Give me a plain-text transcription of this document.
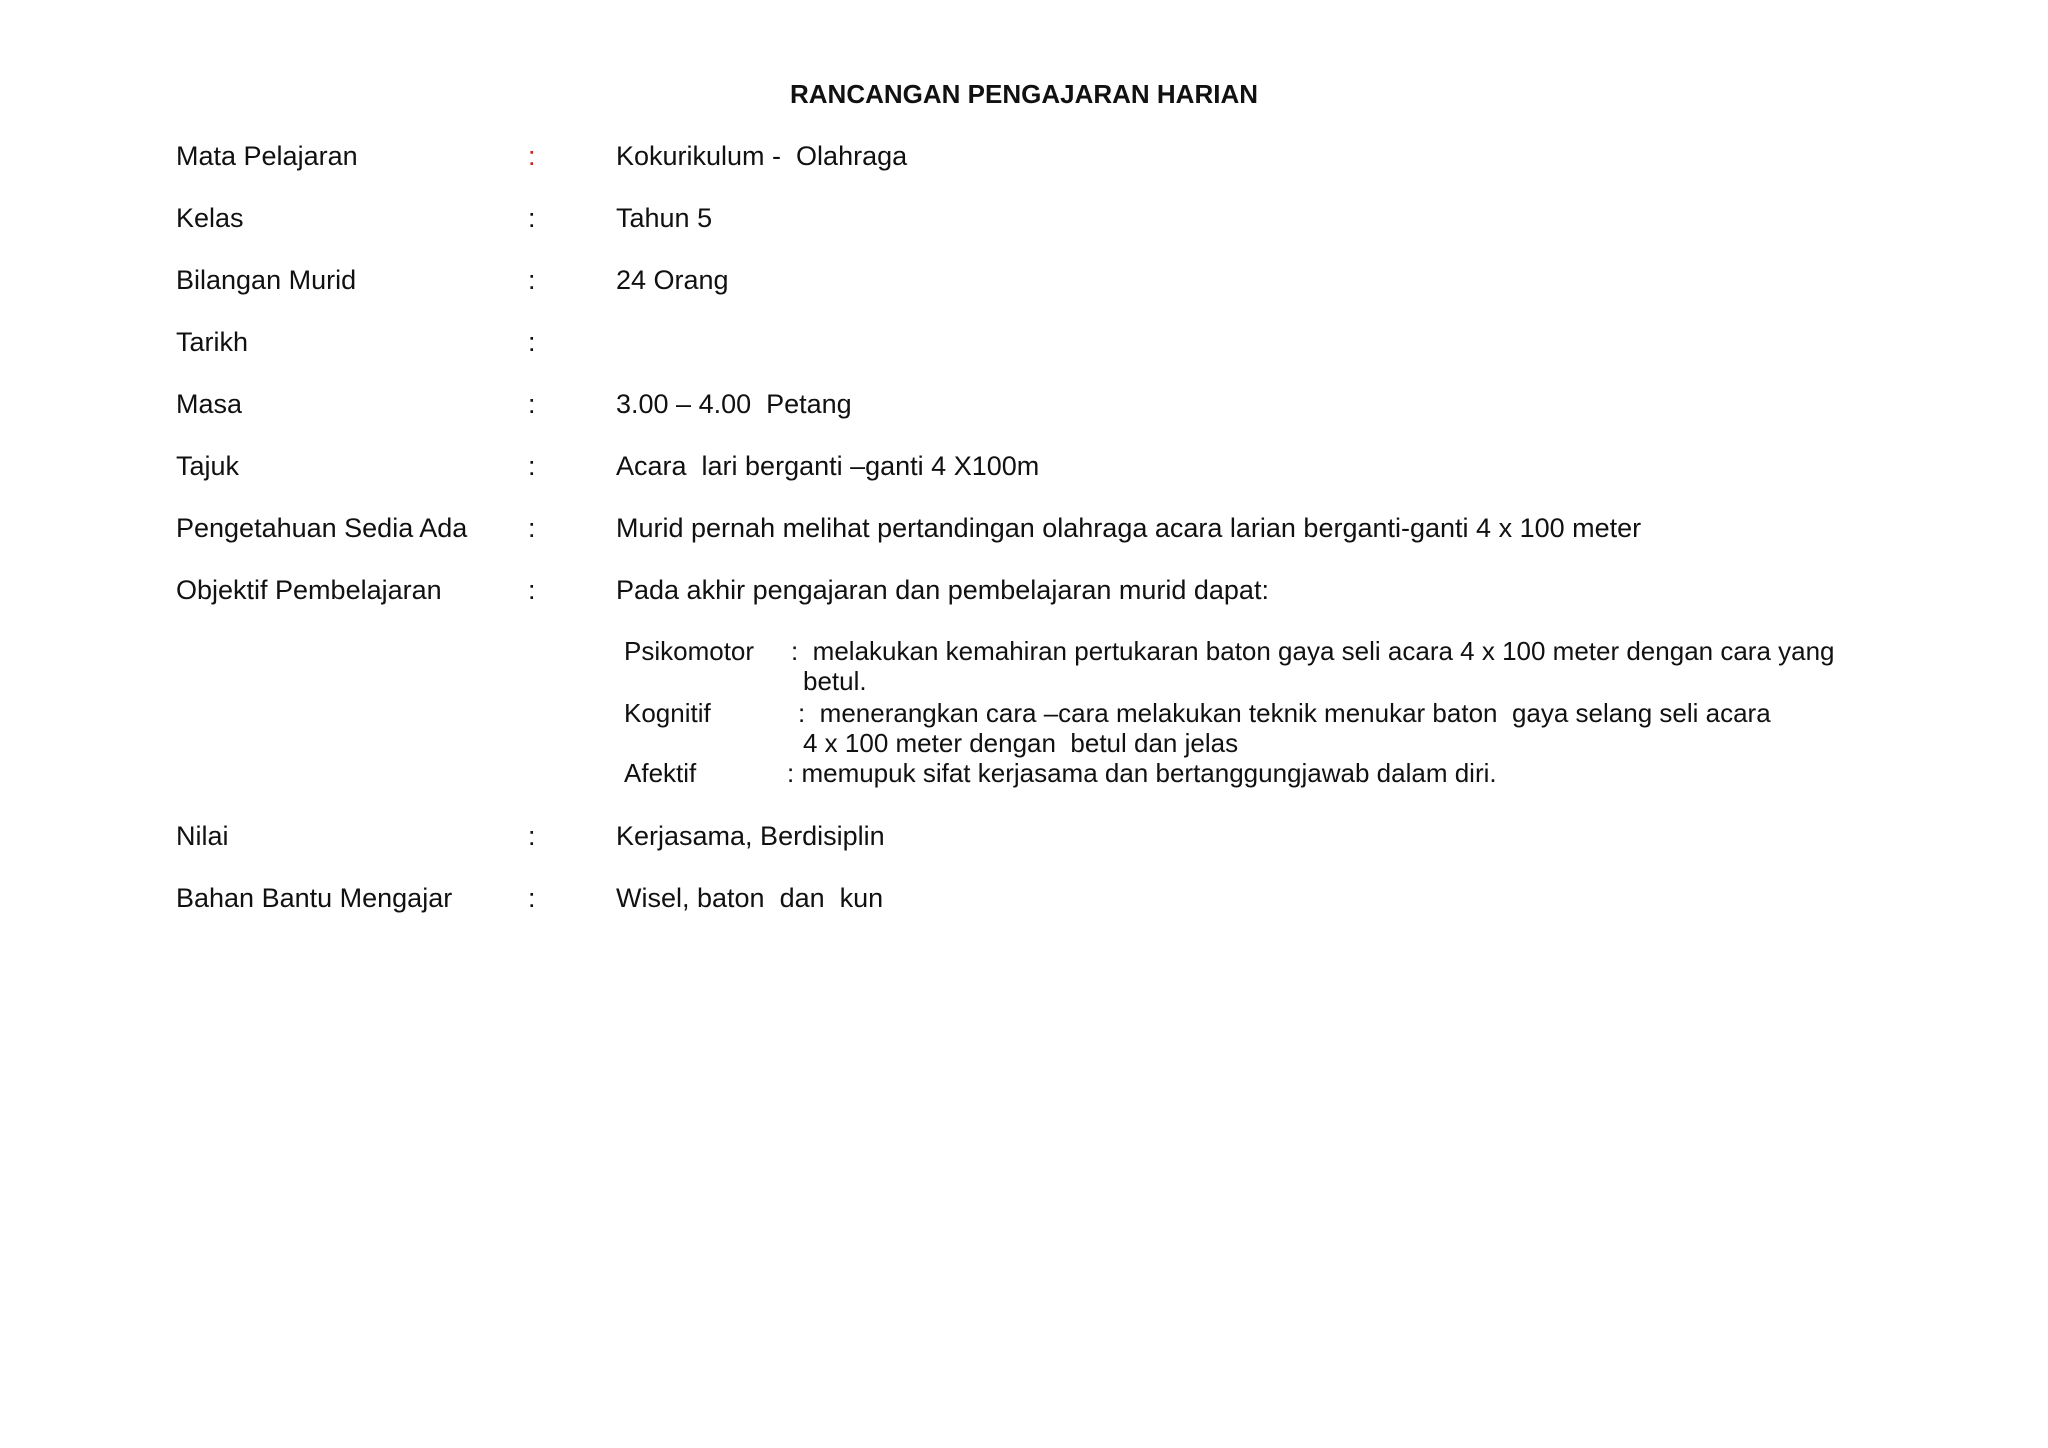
RANCANGAN PENGAJARAN HARIAN
Mata Pelajaran	:	Kokurikulum -  Olahraga
Kelas	:	Tahun 5
Bilangan Murid	:	24 Orang
Tarikh	:
Masa	:	3.00 – 4.00  Petang
Tajuk	:	Acara  lari berganti –ganti 4 X100m
Pengetahuan Sedia Ada :	Murid pernah melihat pertandingan olahraga acara larian berganti-ganti 4 x 100 meter
Objektif Pembelajaran	:	Pada akhir pengajaran dan pembelajaran murid dapat:
Psikomotor :  melakukan kemahiran pertukaran baton gaya seli acara 4 x 100 meter dengan cara yang
betul.
Kognitif	:  menerangkan cara –cara melakukan teknik menukar baton  gaya selang seli acara
4 x 100 meter dengan  betul dan jelas
Afektif	: memupuk sifat kerjasama dan bertanggungjawab dalam diri.
Nilai	:	Kerjasama, Berdisiplin
Bahan Bantu Mengajar	:	Wisel, baton  dan  kun
